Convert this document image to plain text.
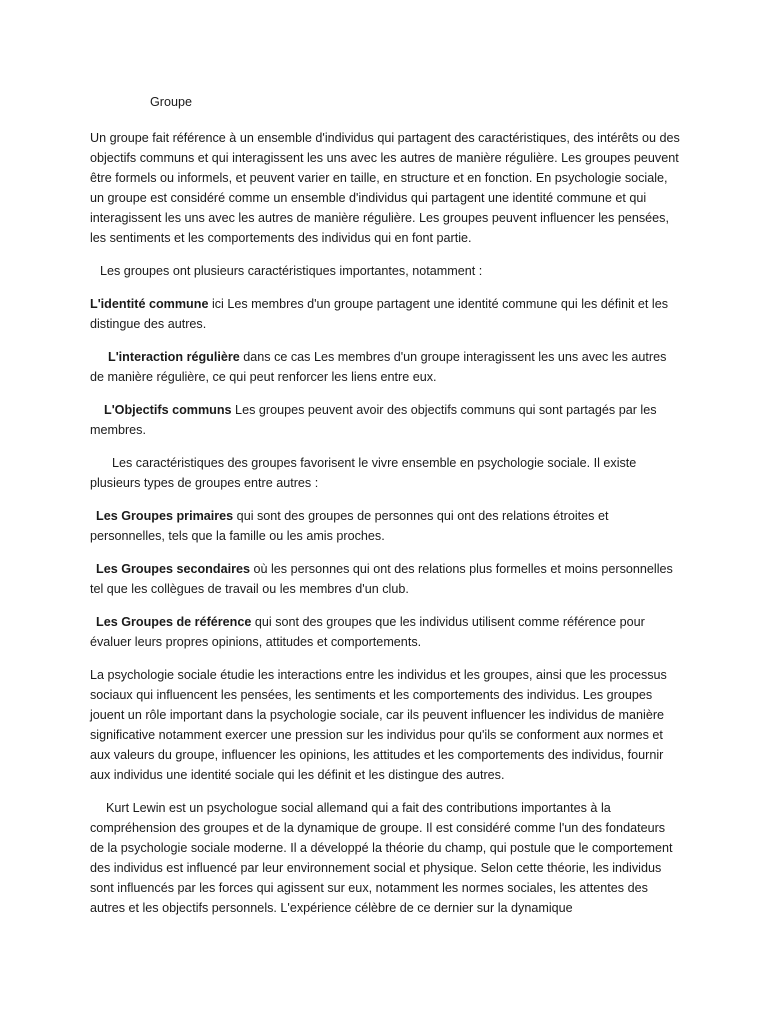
Groupe

Un groupe fait référence à un ensemble d'individus qui partagent des caractéristiques, des intérêts ou des objectifs communs et qui interagissent les uns avec les autres de manière régulière. Les groupes peuvent être formels ou informels, et peuvent varier en taille, en structure et en fonction. En psychologie sociale, un groupe est considéré comme un ensemble d'individus qui partagent une identité commune et qui interagissent les uns avec les autres de manière régulière. Les groupes peuvent influencer les pensées, les sentiments et les comportements des individus qui en font partie.

Les groupes ont plusieurs caractéristiques importantes, notamment :

L'identité commune ici Les membres d'un groupe partagent une identité commune qui les définit et les distingue des autres.

L'interaction régulière dans ce cas Les membres d'un groupe interagissent les uns avec les autres de manière régulière, ce qui peut renforcer les liens entre eux.

L'Objectifs communs Les groupes peuvent avoir des objectifs communs qui sont partagés par les membres.

Les caractéristiques des groupes favorisent le vivre ensemble en psychologie sociale. Il existe plusieurs types de groupes entre autres :

Les Groupes primaires qui sont des groupes de personnes qui ont des relations étroites et personnelles, tels que la famille ou les amis proches.

Les Groupes secondaires où les personnes qui ont des relations plus formelles et moins personnelles tel que les collègues de travail ou les membres d'un club.

Les Groupes de référence qui sont des groupes que les individus utilisent comme référence pour évaluer leurs propres opinions, attitudes et comportements.

La psychologie sociale étudie les interactions entre les individus et les groupes, ainsi que les processus sociaux qui influencent les pensées, les sentiments et les comportements des individus. Les groupes jouent un rôle important dans la psychologie sociale, car ils peuvent influencer les individus de manière significative notamment exercer une pression sur les individus pour qu'ils se conforment aux normes et aux valeurs du groupe, influencer les opinions, les attitudes et les comportements des individus, fournir aux individus une identité sociale qui les définit et les distingue des autres.

Kurt Lewin est un psychologue social allemand qui a fait des contributions importantes à la compréhension des groupes et de la dynamique de groupe. Il est considéré comme l'un des fondateurs de la psychologie sociale moderne. Il a développé la théorie du champ, qui postule que le comportement des individus est influencé par leur environnement social et physique. Selon cette théorie, les individus sont influencés par les forces qui agissent sur eux, notamment les normes sociales, les attentes des autres et les objectifs personnels. L'expérience célèbre de ce dernier sur la dynamique
